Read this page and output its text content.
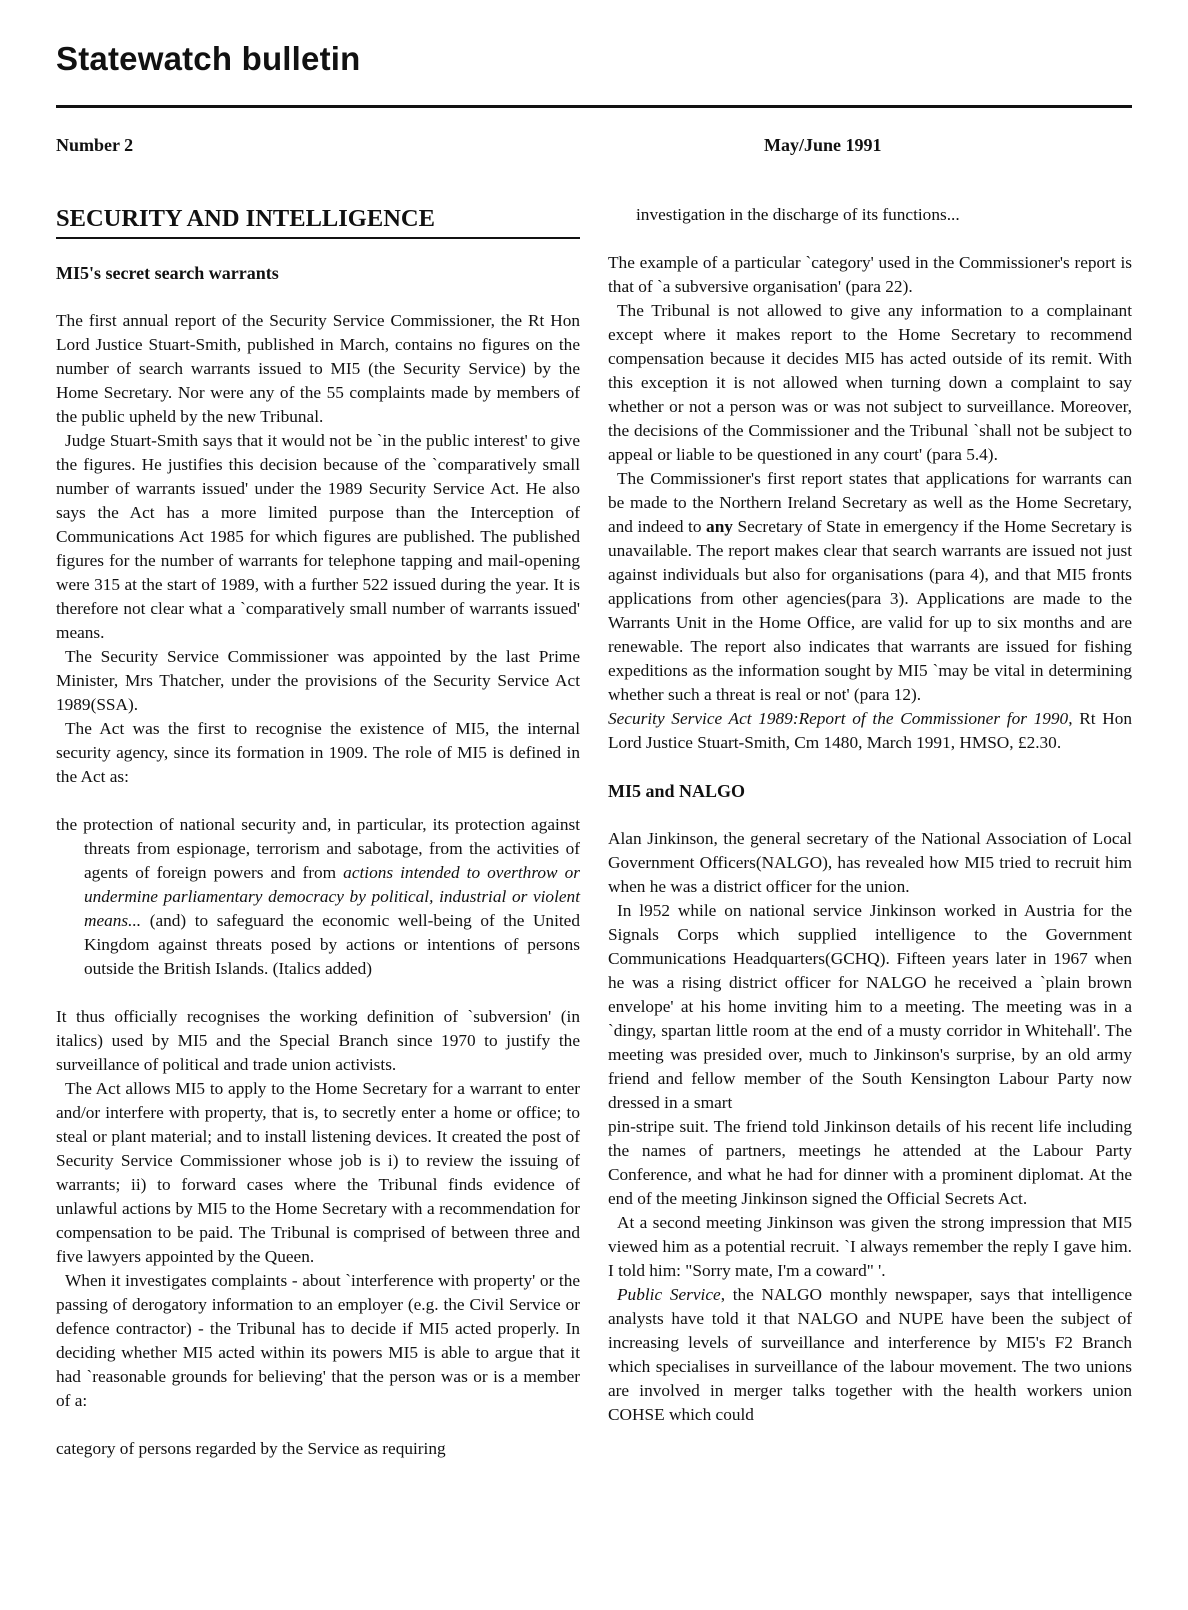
Statewatch bulletin
Number 2	May/June 1991
SECURITY AND INTELLIGENCE
MI5's secret search warrants

The first annual report of the Security Service Commissioner, the Rt Hon Lord Justice Stuart-Smith, published in March, contains no figures on the number of search warrants issued to MI5 (the Security Service) by the Home Secretary. Nor were any of the 55 complaints made by members of the public upheld by the new Tribunal.

Judge Stuart-Smith says that it would not be `in the public interest' to give the figures. He justifies this decision because of the `comparatively small number of warrants issued' under the 1989 Security Service Act. He also says the Act has a more limited purpose than the Interception of Communications Act 1985 for which figures are published. The published figures for the number of warrants for telephone tapping and mail-opening were 315 at the start of 1989, with a further 522 issued during the year. It is therefore not clear what a `comparatively small number of warrants issued' means.

The Security Service Commissioner was appointed by the last Prime Minister, Mrs Thatcher, under the provisions of the Security Service Act 1989(SSA).

The Act was the first to recognise the existence of MI5, the internal security agency, since its formation in 1909. The role of MI5 is defined in the Act as:

the protection of national security and, in particular, its protection against threats from espionage, terrorism and sabotage, from the activities of agents of foreign powers and from actions intended to overthrow or undermine parliamentary democracy by political, industrial or violent means... (and) to safeguard the economic well-being of the United Kingdom against threats posed by actions or intentions of persons outside the British Islands. (Italics added)

It thus officially recognises the working definition of `subversion' (in italics) used by MI5 and the Special Branch since 1970 to justify the surveillance of political and trade union activists.

The Act allows MI5 to apply to the Home Secretary for a warrant to enter and/or interfere with property, that is, to secretly enter a home or office; to steal or plant material; and to install listening devices. It created the post of Security Service Commissioner whose job is i) to review the issuing of warrants; ii) to forward cases where the Tribunal finds evidence of unlawful actions by MI5 to the Home Secretary with a recommendation for compensation to be paid. The Tribunal is comprised of between three and five lawyers appointed by the Queen.

When it investigates complaints - about `interference with property' or the passing of derogatory information to an employer (e.g. the Civil Service or defence contractor) - the Tribunal has to decide if MI5 acted properly. In deciding whether MI5 acted within its powers MI5 is able to argue that it had `reasonable grounds for believing' that the person was or is a member of a:

category of persons regarded by the Service as requiring

investigation in the discharge of its functions...

The example of a particular `category' used in the Commissioner's report is that of `a subversive organisation' (para 22).

The Tribunal is not allowed to give any information to a complainant except where it makes report to the Home Secretary to recommend compensation because it decides MI5 has acted outside of its remit. With this exception it is not allowed when turning down a complaint to say whether or not a person was or was not subject to surveillance. Moreover, the decisions of the Commissioner and the Tribunal `shall not be subject to appeal or liable to be questioned in any court' (para 5.4).

The Commissioner's first report states that applications for warrants can be made to the Northern Ireland Secretary as well as the Home Secretary, and indeed to any Secretary of State in emergency if the Home Secretary is unavailable. The report makes clear that search warrants are issued not just against individuals but also for organisations (para 4), and that MI5 fronts applications from other agencies(para 3). Applications are made to the Warrants Unit in the Home Office, are valid for up to six months and are renewable. The report also indicates that warrants are issued for fishing expeditions as the information sought by MI5 `may be vital in determining whether such a threat is real or not' (para 12).

Security Service Act 1989:Report of the Commissioner for 1990, Rt Hon Lord Justice Stuart-Smith, Cm 1480, March 1991, HMSO, £2.30.

MI5 and NALGO

Alan Jinkinson, the general secretary of the National Association of Local Government Officers(NALGO), has revealed how MI5 tried to recruit him when he was a district officer for the union.

In l952 while on national service Jinkinson worked in Austria for the Signals Corps which supplied intelligence to the Government Communications Headquarters(GCHQ). Fifteen years later in 1967 when he was a rising district officer for NALGO he received a `plain brown envelope' at his home inviting him to a meeting. The meeting was in a `dingy, spartan little room at the end of a musty corridor in Whitehall'. The meeting was presided over, much to Jinkinson's surprise, by an old army friend and fellow member of the South Kensington Labour Party now dressed in a smart

pin-stripe suit. The friend told Jinkinson details of his recent life including the names of partners, meetings he attended at the Labour Party Conference, and what he had for dinner with a prominent diplomat. At the end of the meeting Jinkinson signed the Official Secrets Act.

At a second meeting Jinkinson was given the strong impression that MI5 viewed him as a potential recruit. `I always remember the reply I gave him. I told him: "Sorry mate, I'm a coward" '.

Public Service, the NALGO monthly newspaper, says that intelligence analysts have told it that NALGO and NUPE have been the subject of increasing levels of surveillance and interference by MI5's F2 Branch which specialises in surveillance of the labour movement. The two unions are involved in merger talks together with the health workers union COHSE which could
